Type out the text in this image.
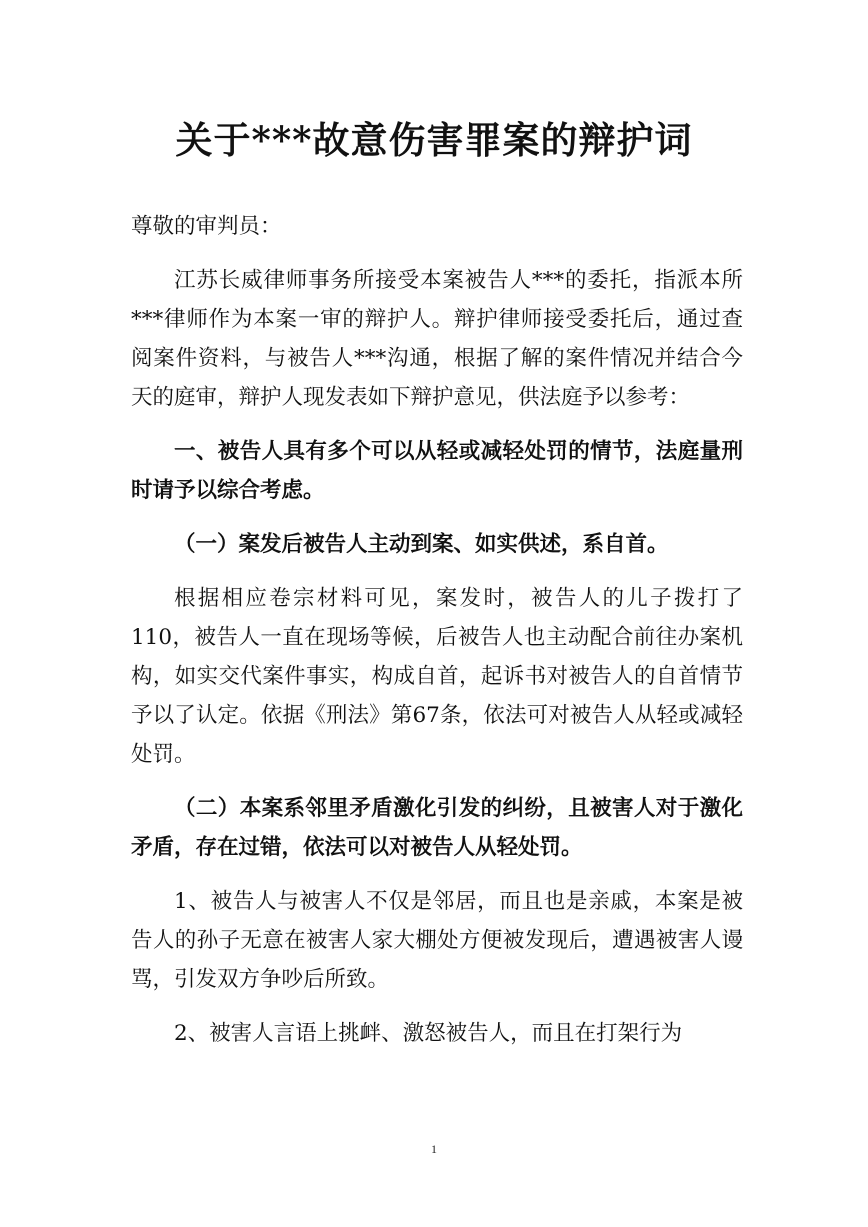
关于***故意伤害罪案的辩护词

尊敬的审判员：

江苏长威律师事务所接受本案被告人***的委托，指派本所***律师作为本案一审的辩护人。辩护律师接受委托后，通过查阅案件资料，与被告人***沟通，根据了解的案件情况并结合今天的庭审，辩护人现发表如下辩护意见，供法庭予以参考：

一、被告人具有多个可以从轻或减轻处罚的情节，法庭量刑时请予以综合考虑。

（一）案发后被告人主动到案、如实供述，系自首。

根据相应卷宗材料可见，案发时，被告人的儿子拨打了110，被告人一直在现场等候，后被告人也主动配合前往办案机构，如实交代案件事实，构成自首，起诉书对被告人的自首情节予以了认定。依据《刑法》第67条，依法可对被告人从轻或减轻处罚。

（二）本案系邻里矛盾激化引发的纠纷，且被害人对于激化矛盾，存在过错，依法可以对被告人从轻处罚。

1、被告人与被害人不仅是邻居，而且也是亲戚，本案是被告人的孙子无意在被害人家大棚处方便被发现后，遭遇被害人谩骂，引发双方争吵后所致。

2、被害人言语上挑衅、激怒被告人，而且在打架行为

1
